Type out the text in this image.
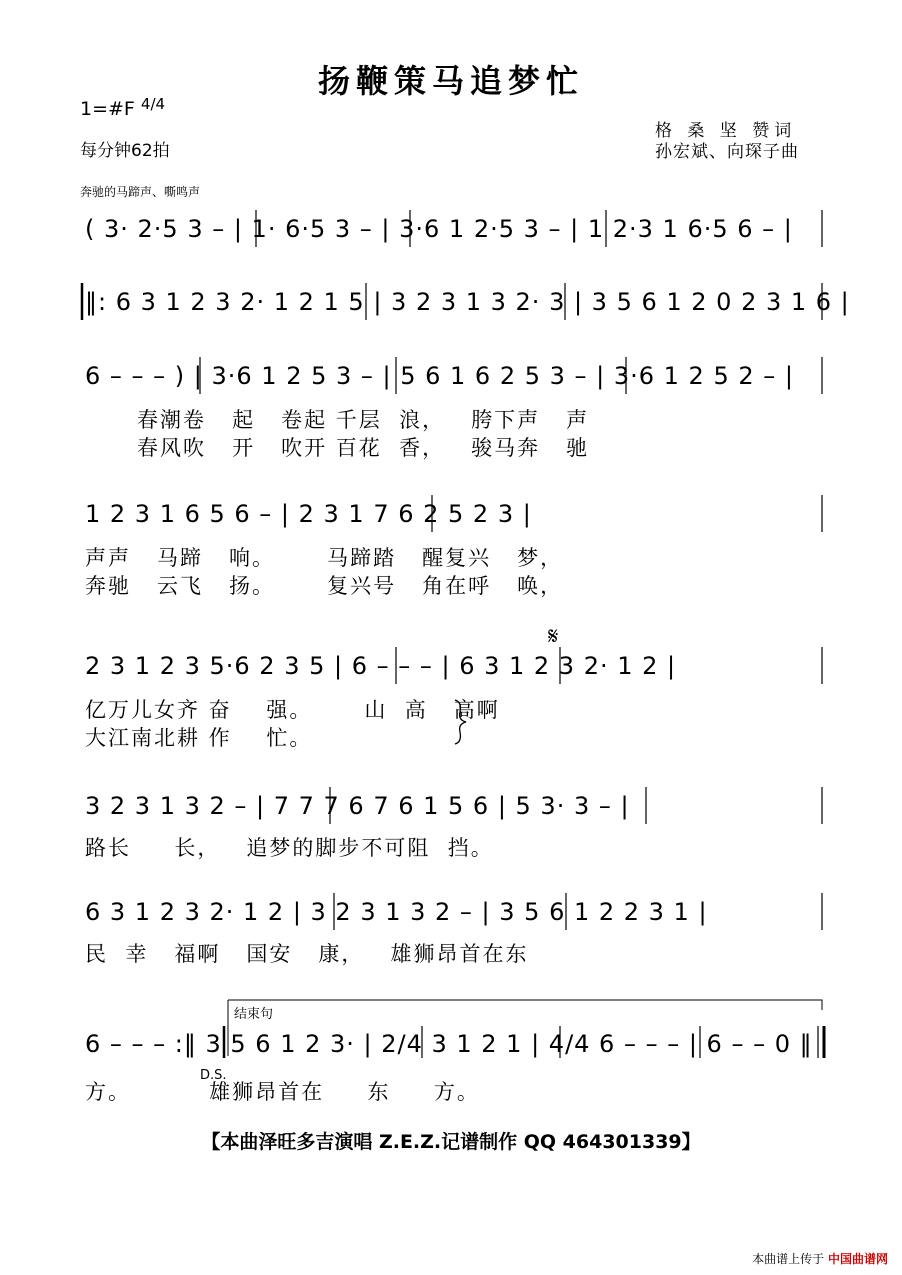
扬鞭策马追梦忙
1=#F $^{4/4}$
每分钟62拍
格 桑 坚 赞词
孙宏斌、向琛子曲
奔驰的马蹄声、嘶鸣声
( 3· 2·5 3 – | 1· 6·5 3 – | 3·6 1 2·5 3 – | 1 2·3 1 6·5 6 – |
‖: 6 3 1 2 3 2· 1 2 1 5 | 3 2 3 1 3 2· 3 | 3 5 6 1 2 0 2 3 1 6 |
6 – – – ) | 3·6 1 2 5 3 – | 5 6 1 6 2 5 3 – | 3·6 1 2 5 2 – |
春潮卷   起   卷起 千层  浪，   胯下声   声
春风吹   开   吹开 百花  香，   骏马奔   驰
1 2 3 1 6 5 6 – | 2 3 1 7 6 2 5 2 3 |
声声   马蹄   响。      马蹄踏   醒复兴   梦，
奔驰   云飞   扬。      复兴号   角在呼   唤，
𝄋
2 3 1 2 3 5·6 2 3 5 | 6 – – – | 6 3 1 2 3 2· 1 2 |
亿万儿女齐 奋    强。      山  高   高啊
大江南北耕 作    忙。
3 2 3 1 3 2 – | 7 7 7 6 7 6 1 5 6 | 5 3· 3 – |
路长     长，   追梦的脚步不可阻  挡。
6 3 1 2 3 2· 1 2 | 3 2 3 1 3 2 – | 3 5 6 1 2 2 3 1 |
民  幸   福啊   国安   康，   雄狮昂首在东
结束句
6 – – – :‖ 3 5 6 1 2 3· | 2/4 3 1 2 1 | 4/4 6 – – – | 6 – – 0 ‖
D.S.
方。         雄狮昂首在     东     方。
【本曲泽旺多吉演唱 Z.E.Z.记谱制作 QQ 464301339】
本曲谱上传于 中国曲谱网
